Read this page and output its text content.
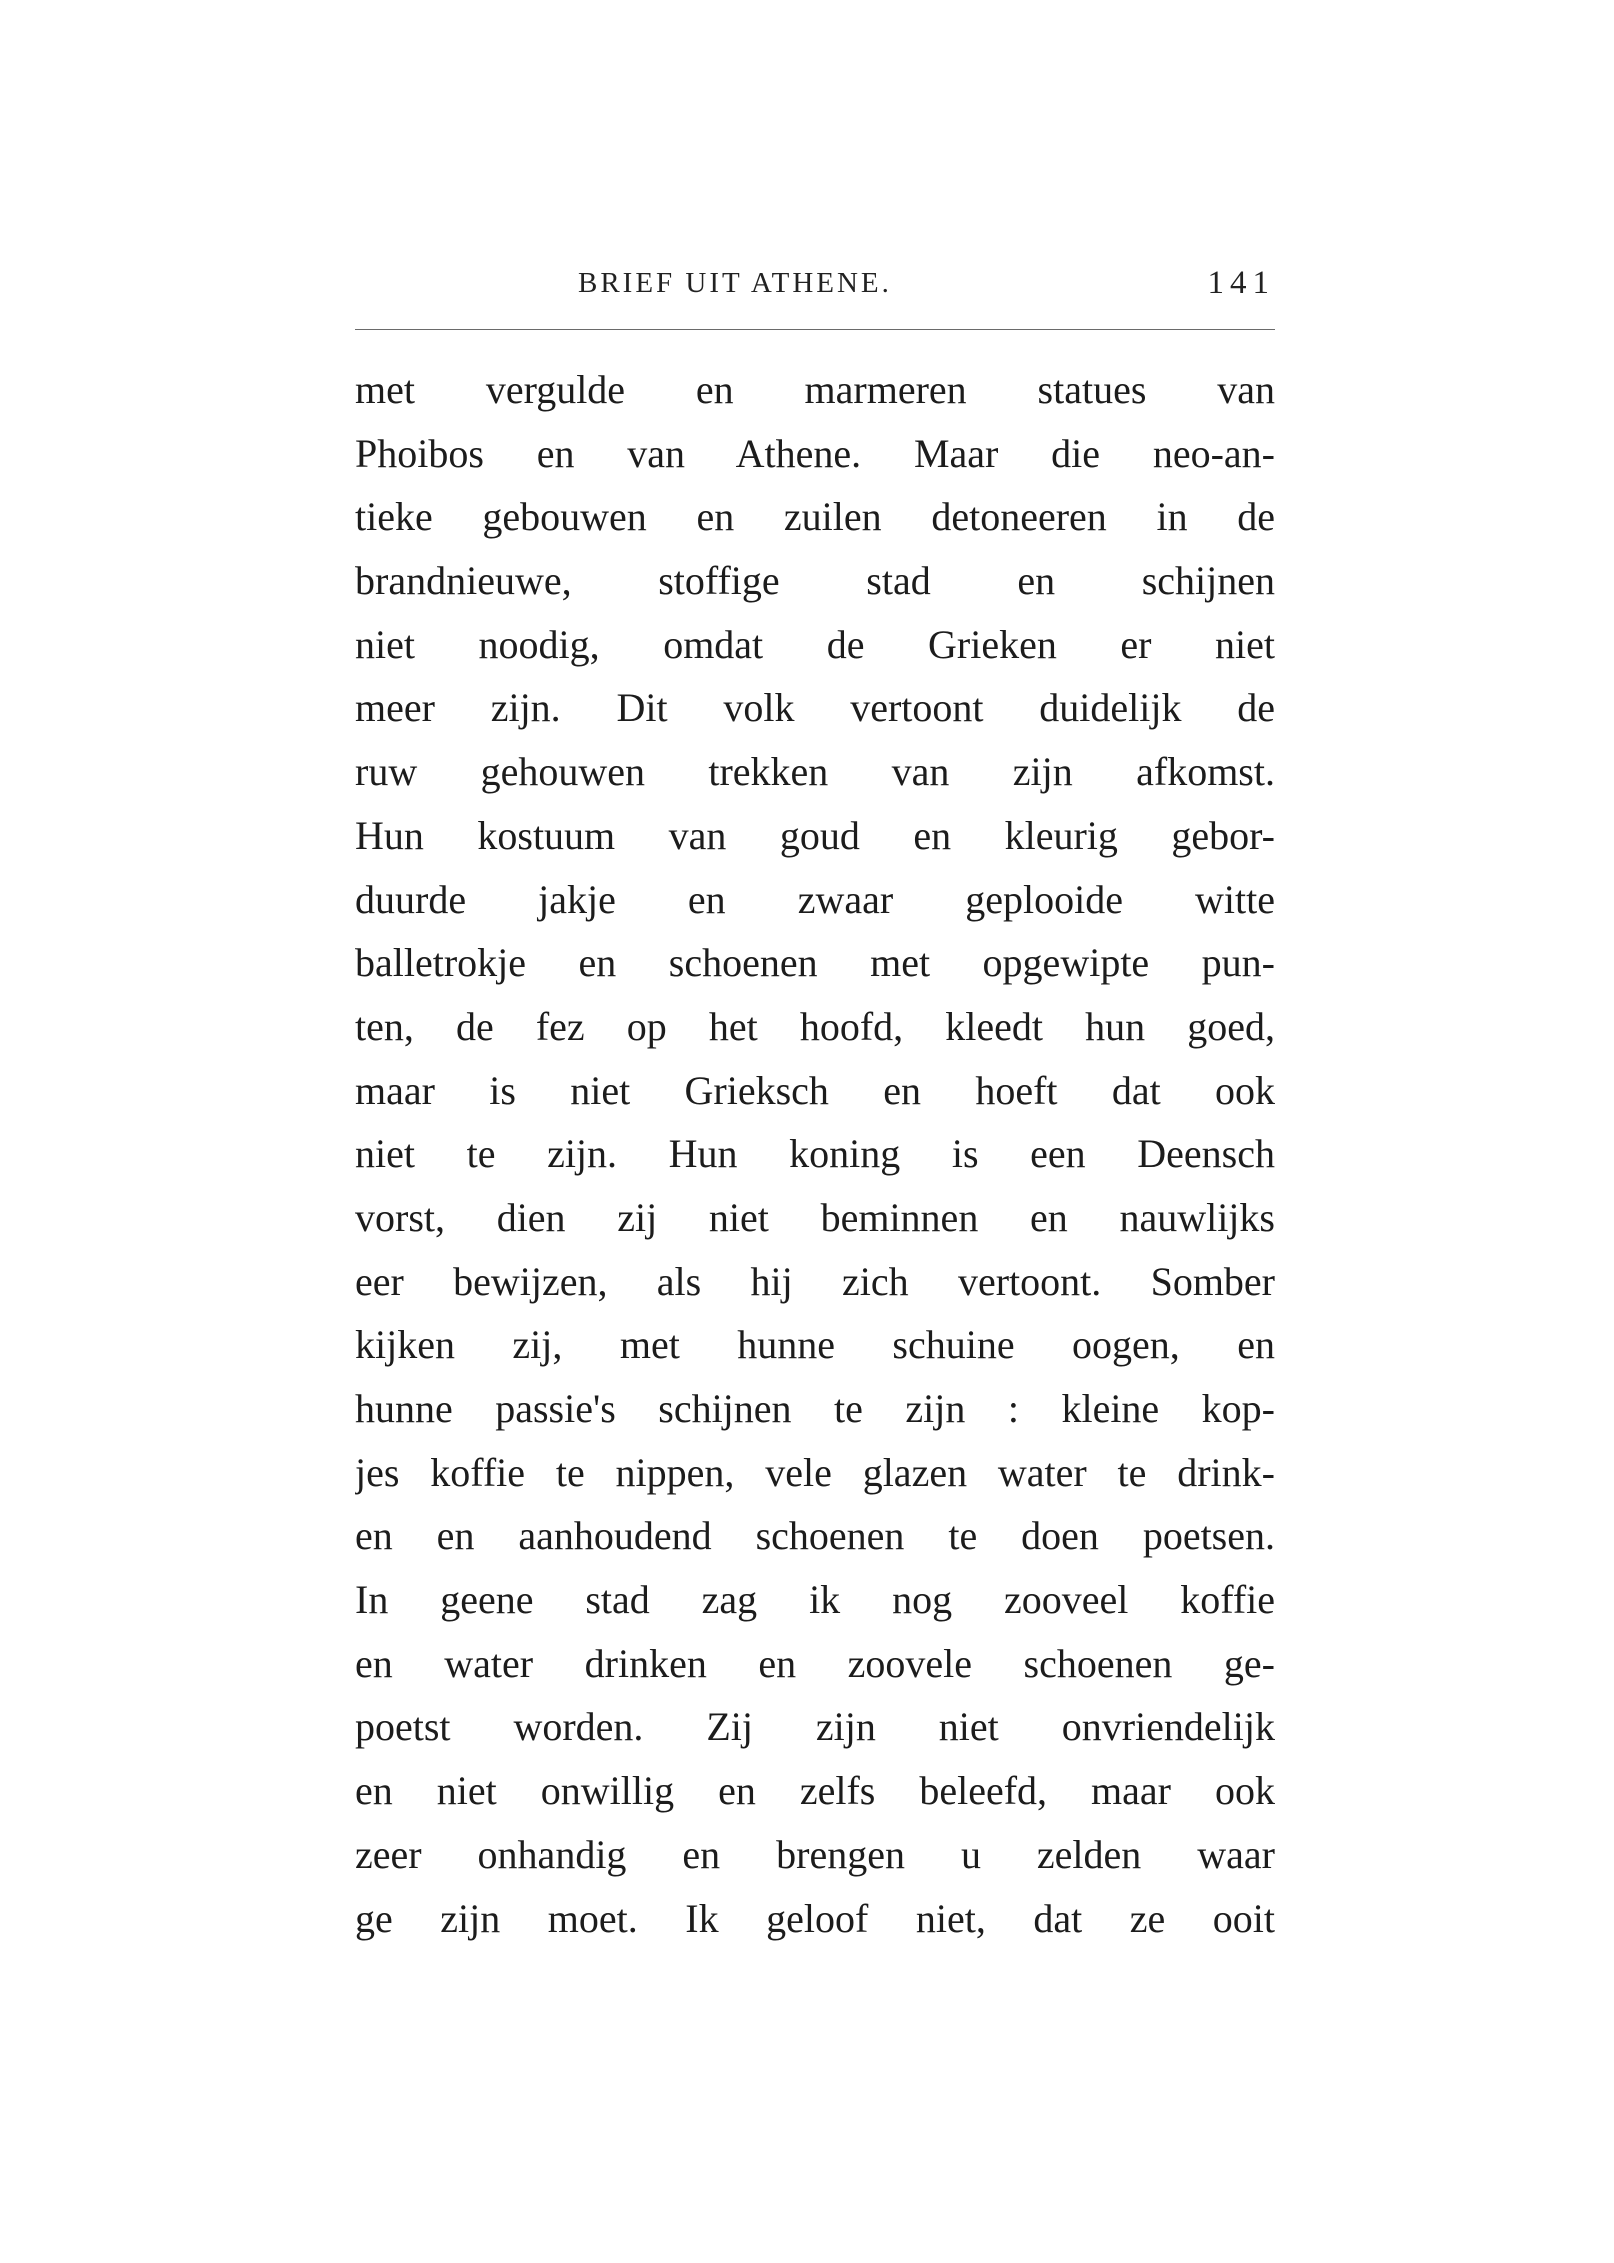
BRIEF UIT ATHENE.	141
met vergulde en marmeren statues van
Phoibos en van Athene. Maar die neo-an-
tieke gebouwen en zuilen detoneeren in de
brandnieuwe, stoffige stad en schijnen
niet noodig, omdat de Grieken er niet
meer zijn. Dit volk vertoont duidelijk de
ruw gehouwen trekken van zijn afkomst.
Hun kostuum van goud en kleurig gebor-
duurde jakje en zwaar geplooide witte
balletrokje en schoenen met opgewipte pun-
ten, de fez op het hoofd, kleedt hun goed,
maar is niet Grieksch en hoeft dat ook
niet te zijn. Hun koning is een Deensch
vorst, dien zij niet beminnen en nauwlijks
eer bewijzen, als hij zich vertoont. Somber
kijken zij, met hunne schuine oogen, en
hunne passie's schijnen te zijn : kleine kop-
jes koffie te nippen, vele glazen water te drink-
en en aanhoudend schoenen te doen poetsen.
In geene stad zag ik nog zooveel koffie
en water drinken en zoovele schoenen ge-
poetst worden. Zij zijn niet onvriendelijk
en niet onwillig en zelfs beleefd, maar ook
zeer onhandig en brengen u zelden waar
ge zijn moet. Ik geloof niet, dat ze ooit
